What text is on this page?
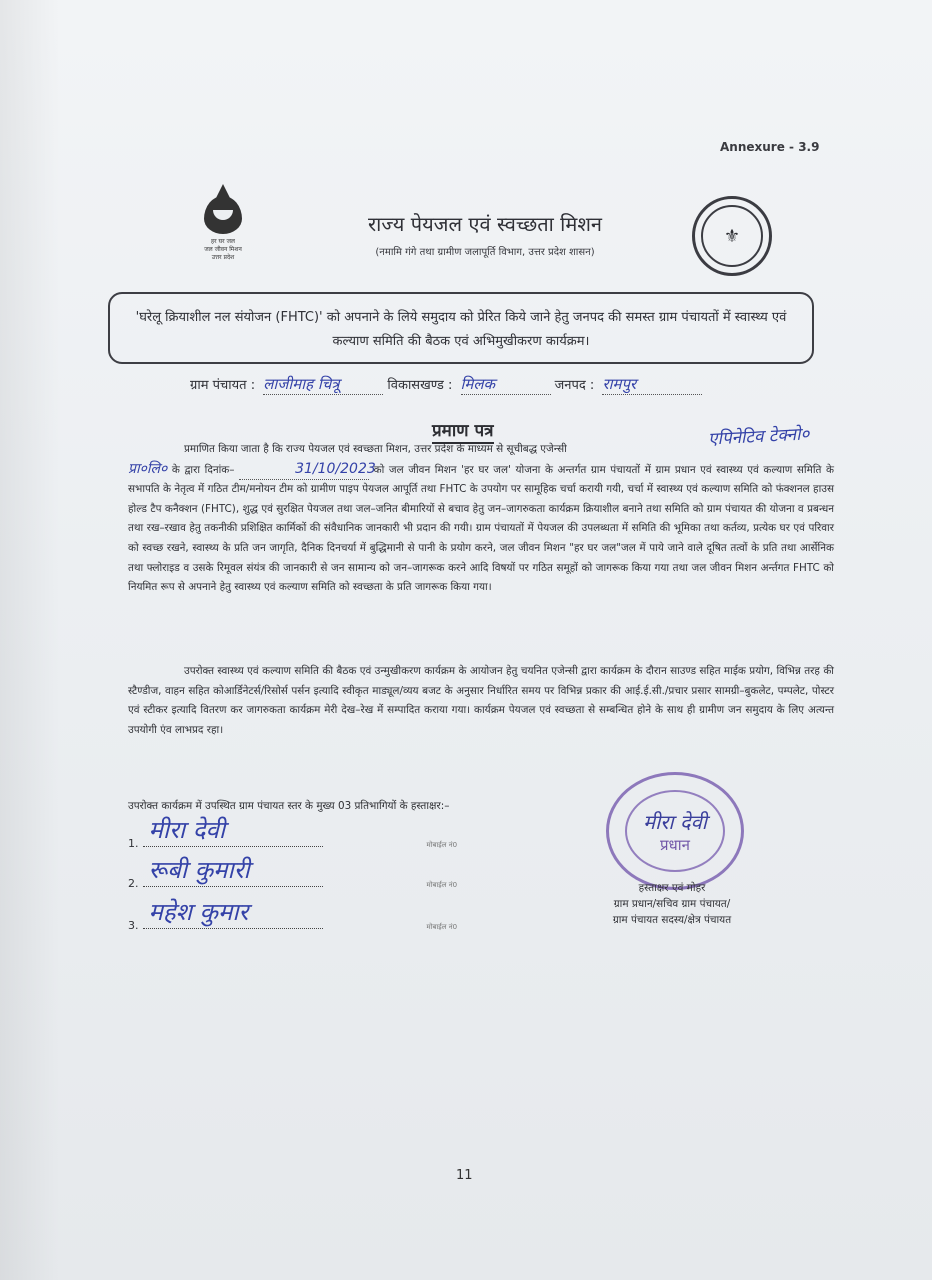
Annexure - 3.9
हर घर जल
जल जीवन मिशन
उत्तर प्रदेश
राज्य पेयजल एवं स्वच्छता मिशन
(नमामि गंगे तथा ग्रामीण जलापूर्ति विभाग, उत्तर प्रदेश शासन)
⚜
'घरेलू क्रियाशील नल संयोजन (FHTC)' को अपनाने के लिये समुदाय को प्रेरित किये जाने हेतु जनपद की समस्त ग्राम पंचायतों में स्वास्थ्य एवं कल्याण समिति की बैठक एवं अभिमुखीकरण कार्यक्रम।
ग्राम पंचायत : लाजीमाह चित्रू	विकासखण्ड : मिलक	जनपद : रामपुर
प्रमाण पत्र	एपिनेटिव टेक्नो०
प्रमाणित किया जाता है कि राज्य पेयजल एवं स्वच्छता मिशन, उत्तर प्रदेश के माध्यम से सूचीबद्ध एजेन्सी
प्रा०लि० के द्वारा दिनांक–	31/10/2023 को जल जीवन मिशन 'हर घर जल' योजना के अन्तर्गत ग्राम पंचायतों में ग्राम प्रधान एवं स्वास्थ्य एवं कल्याण समिति के सभापति के नेतृत्व में गठित टीम/मनोयन टीम को ग्रामीण पाइप पेयजल आपूर्ति तथा FHTC के उपयोग पर सामूहिक चर्चा करायी गयी, चर्चा में स्वास्थ्य एवं कल्याण समिति को फंक्शनल हाउस होल्ड टैप कनैक्शन (FHTC), शुद्ध एवं सुरक्षित पेयजल तथा जल–जनित बीमारियों से बचाव हेतु जन–जागरुकता कार्यक्रम क्रियाशील बनाने तथा समिति को ग्राम पंचायत की योजना व प्रबन्धन तथा रख–रखाव हेतु तकनीकी प्रशिक्षित कार्मिकों की संवैधानिक जानकारी भी प्रदान की गयी। ग्राम पंचायतों में पेयजल की उपलब्धता में समिति की भूमिका तथा कर्तव्य, प्रत्येक घर एवं परिवार को स्वच्छ रखने, स्वास्थ्य के प्रति जन जागृति, दैनिक दिनचर्या में बुद्धिमानी से पानी के प्रयोग करने, जल जीवन मिशन "हर घर जल"जल में पाये जाने वाले दूषित तत्वों के प्रति तथा आर्सेनिक तथा फ्लोराइड व उसके रिमूवल संयंत्र की जानकारी से जन सामान्य को जन–जागरूक करने आदि विषयों पर गठित समूहों को जागरूक किया गया तथा जल जीवन मिशन अर्न्तगत FHTC को नियमित रूप से अपनाने हेतु स्वास्थ्य एवं कल्याण समिति को स्वच्छता के प्रति जागरूक किया गया।
उपरोक्त स्वास्थ्य एवं कल्याण समिति की बैठक एवं उन्मुखीकरण कार्यक्रम के आयोजन हेतु चयनित एजेन्सी द्वारा कार्यक्रम के दौरान साउण्ड सहित माईक प्रयोग, विभिन्न तरह की स्टैण्डीज, वाहन सहित कोआर्डिनेटर्स/रिसोर्स पर्सन इत्यादि स्वीकृत माड्यूल/व्यय बजट के अनुसार निर्धारित समय पर विभिन्न प्रकार की आई.ई.सी./प्रचार प्रसार सामग्री–बुकलेट, पम्पलेट, पोस्टर एवं स्टीकर इत्यादि वितरण कर जागरुकता कार्यक्रम मेरी देख–रेख में सम्पादित कराया गया। कार्यक्रम पेयजल एवं स्वच्छता से सम्बन्धित होने के साथ ही ग्रामीण जन समुदाय के लिए अत्यन्त उपयोगी एंव लाभप्रद रहा।
उपरोक्त कार्यक्रम में उपस्थित ग्राम पंचायत स्तर के मुख्य 03 प्रतिभागियों के हस्ताक्षर:–
1. मीरा देवी
मोबाईल नं0
2. रूबी कुमारी
मोबाईल नं0
3. महेश कुमार
मोबाईल नं0
मीरा देवी
प्रधान
हस्ताक्षर एवं मोहर
ग्राम प्रधान/सचिव ग्राम पंचायत/
ग्राम पंचायत सदस्य/क्षेत्र पंचायत
11
